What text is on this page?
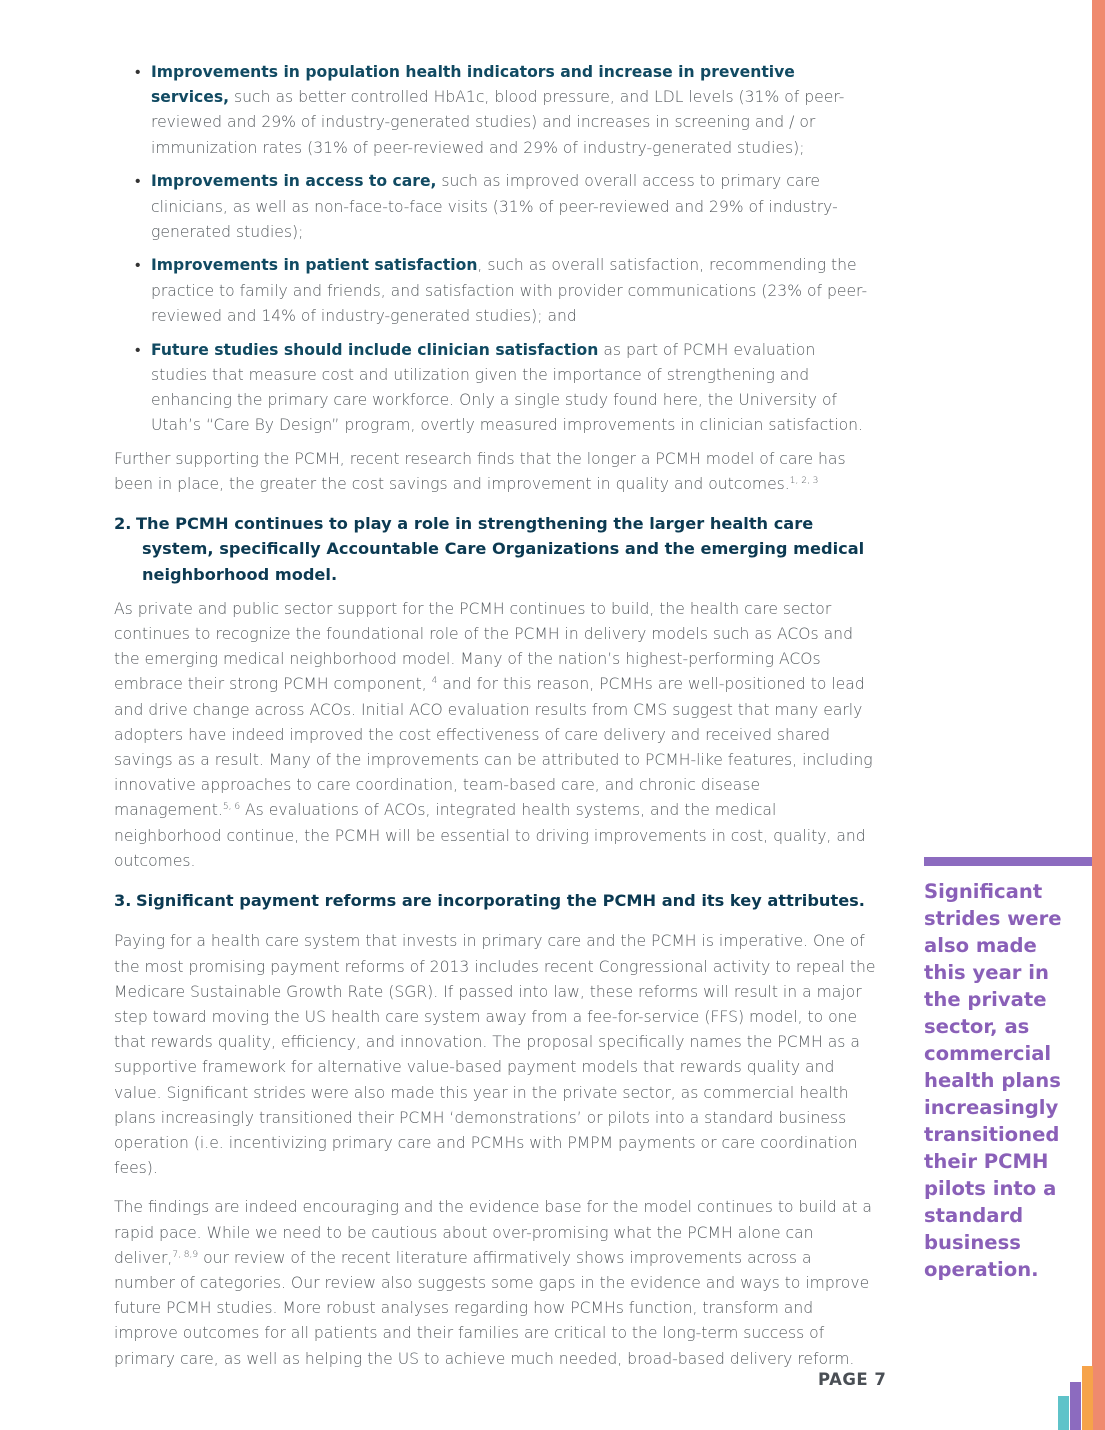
• Improvements in population health indicators and increase in preventive services, such as better controlled HbA1c, blood pressure, and LDL levels (31% of peer-reviewed and 29% of industry-generated studies) and increases in screening and / or immunization rates (31% of peer-reviewed and 29% of industry-generated studies);
• Improvements in access to care, such as improved overall access to primary care clinicians, as well as non-face-to-face visits (31% of peer-reviewed and 29% of industry-generated studies);
• Improvements in patient satisfaction, such as overall satisfaction, recommending the practice to family and friends, and satisfaction with provider communications (23% of peer-reviewed and 14% of industry-generated studies); and
• Future studies should include clinician satisfaction as part of PCMH evaluation studies that measure cost and utilization given the importance of strengthening and enhancing the primary care workforce. Only a single study found here, the University of Utah’s “Care By Design” program, overtly measured improvements in clinician satisfaction.

Further supporting the PCMH, recent research finds that the longer a PCMH model of care has been in place, the greater the cost savings and improvement in quality and outcomes.$^{1, 2, 3}$

2. The PCMH continues to play a role in strengthening the larger health care system, specifically Accountable Care Organizations and the emerging medical neighborhood model.

As private and public sector support for the PCMH continues to build, the health care sector continues to recognize the foundational role of the PCMH in delivery models such as ACOs and the emerging medical neighborhood model. Many of the nation’s highest-performing ACOs embrace their strong PCMH component, $^4$ and for this reason, PCMHs are well-positioned to lead and drive change across ACOs. Initial ACO evaluation results from CMS suggest that many early adopters have indeed improved the cost effectiveness of care delivery and received shared savings as a result. Many of the improvements can be attributed to PCMH-like features, including innovative approaches to care coordination, team-based care, and chronic disease management.$^{5, 6}$ As evaluations of ACOs, integrated health systems, and the medical neighborhood continue, the PCMH will be essential to driving improvements in cost, quality, and outcomes.

3. Significant payment reforms are incorporating the PCMH and its key attributes.

Paying for a health care system that invests in primary care and the PCMH is imperative. One of the most promising payment reforms of 2013 includes recent Congressional activity to repeal the Medicare Sustainable Growth Rate (SGR). If passed into law, these reforms will result in a major step toward moving the US health care system away from a fee-for-service (FFS) model, to one that rewards quality, efficiency, and innovation. The proposal specifically names the PCMH as a supportive framework for alternative value-based payment models that rewards quality and value. Significant strides were also made this year in the private sector, as commercial health plans increasingly transitioned their PCMH ‘demonstrations’ or pilots into a standard business operation (i.e. incentivizing primary care and PCMHs with PMPM payments or care coordination fees).

The findings are indeed encouraging and the evidence base for the model continues to build at a rapid pace. While we need to be cautious about over-promising what the PCMH alone can deliver,$^{7, 8,9}$ our review of the recent literature affirmatively shows improvements across a number of categories. Our review also suggests some gaps in the evidence and ways to improve future PCMH studies. More robust analyses regarding how PCMHs function, transform and improve outcomes for all patients and their families are critical to the long-term success of primary care, as well as helping the US to achieve much needed, broad-based delivery reform.

Significant strides were also made this year in the private sector, as commercial health plans increasingly transitioned their PCMH pilots into a standard business operation.
PAGE 7
